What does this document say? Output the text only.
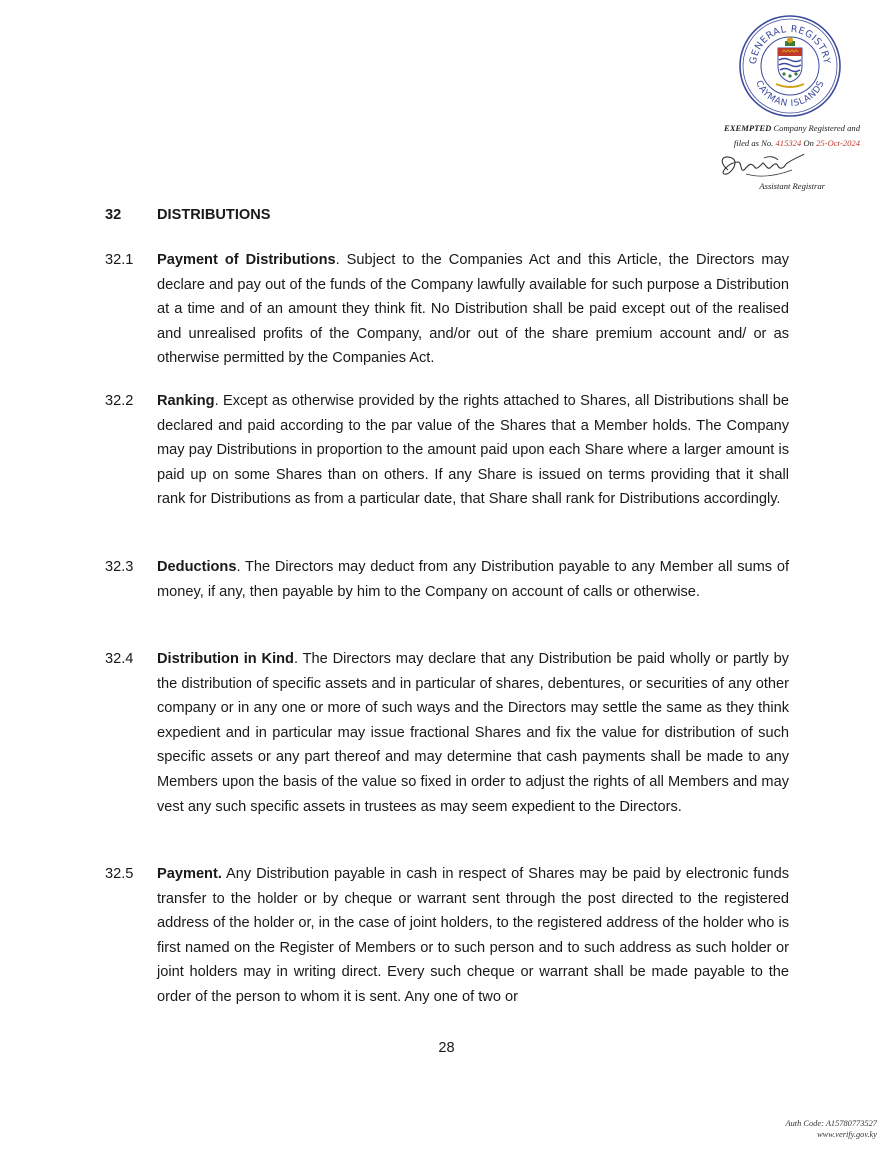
GENERAL REGISTRY
CAYMAN ISLANDS
EXEMPTED Company Registered and
filed as No. 415324 On 25-Oct-2024
Assistant Registrar
32	DISTRIBUTIONS
32.1	Payment of Distributions. Subject to the Companies Act and this Article, the Directors may declare and pay out of the funds of the Company lawfully available for such purpose a Distribution at a time and of an amount they think fit. No Distribution shall be paid except out of the realised and unrealised profits of the Company, and/or out of the share premium account and/ or as otherwise permitted by the Companies Act.
32.2	Ranking. Except as otherwise provided by the rights attached to Shares, all Distributions shall be declared and paid according to the par value of the Shares that a Member holds. The Company may pay Distributions in proportion to the amount paid upon each Share where a larger amount is paid up on some Shares than on others. If any Share is issued on terms providing that it shall rank for Distributions as from a particular date, that Share shall rank for Distributions accordingly.
32.3	Deductions. The Directors may deduct from any Distribution payable to any Member all sums of money, if any, then payable by him to the Company on account of calls or otherwise.
32.4	Distribution in Kind. The Directors may declare that any Distribution be paid wholly or partly by the distribution of specific assets and in particular of shares, debentures, or securities of any other company or in any one or more of such ways and the Directors may settle the same as they think expedient and in particular may issue fractional Shares and fix the value for distribution of such specific assets or any part thereof and may determine that cash payments shall be made to any Members upon the basis of the value so fixed in order to adjust the rights of all Members and may vest any such specific assets in trustees as may seem expedient to the Directors.
32.5	Payment. Any Distribution payable in cash in respect of Shares may be paid by electronic funds transfer to the holder or by cheque or warrant sent through the post directed to the registered address of the holder or, in the case of joint holders, to the registered address of the holder who is first named on the Register of Members or to such person and to such address as such holder or joint holders may in writing direct. Every such cheque or warrant shall be made payable to the order of the person to whom it is sent. Any one of two or
28
Auth Code: A15780773527
www.verify.gov.ky
